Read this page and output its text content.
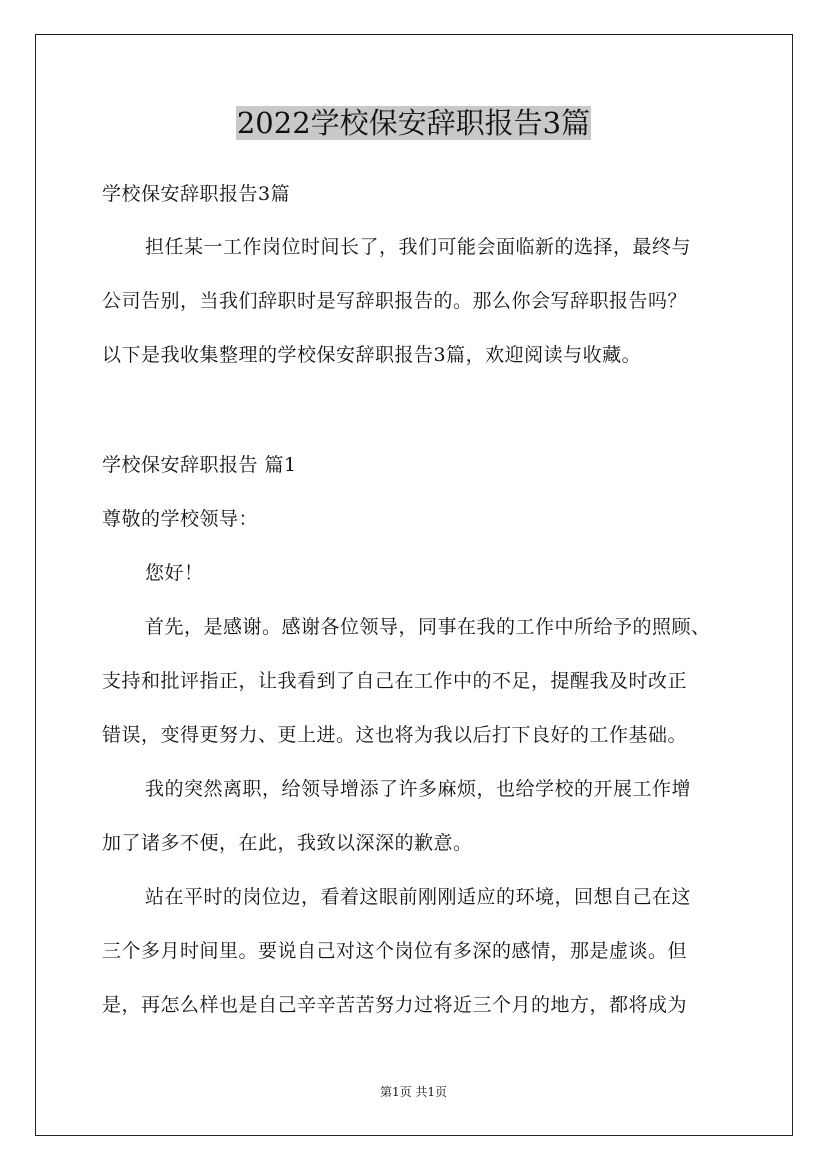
2022学校保安辞职报告3篇
学校保安辞职报告3篇
担任某一工作岗位时间长了，我们可能会面临新的选择，最终与
公司告别，当我们辞职时是写辞职报告的。那么你会写辞职报告吗？
以下是我收集整理的学校保安辞职报告3篇，欢迎阅读与收藏。
学校保安辞职报告 篇1
尊敬的学校领导：
您好！
首先，是感谢。感谢各位领导，同事在我的工作中所给予的照顾、
支持和批评指正，让我看到了自己在工作中的不足，提醒我及时改正
错误，变得更努力、更上进。这也将为我以后打下良好的工作基础。
我的突然离职，给领导增添了许多麻烦，也给学校的开展工作增
加了诸多不便，在此，我致以深深的歉意。
站在平时的岗位边，看着这眼前刚刚适应的环境，回想自己在这
三个多月时间里。要说自己对这个岗位有多深的感情，那是虚谈。但
是，再怎么样也是自己辛辛苦苦努力过将近三个月的地方，都将成为
第1页 共1页
